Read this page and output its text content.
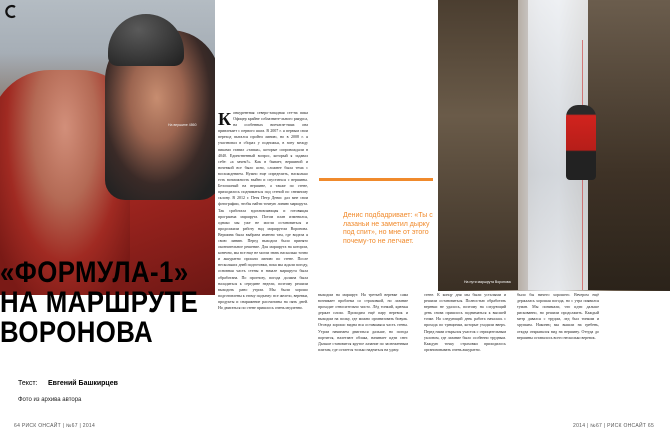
На вершине 4860
«ФОРМУЛА-1»
НА МАРШРУТЕ
ВОРОНОВА
Текст: Евгений Башкирцев
Фото из архива автора
К онкурентная северо-западная сте-на пика Офицер крайне соблазните-льного ракурса, на особенных впечатле-ниях она привлекает с первого шага. В 2007 г. я первым свои переход пытался пройти линию, но в 2008 г. я участвовал в сборах у подножья, в зону между пиками ставил «тапки», которые сопровождали в 4040. Единственный вопрос, который я задавал себе: «а зачем?». Как в бывает, вершиной и ночевкой все было ясно, сложнее была тема с восхождением. Нужно еще определить, насколько есть возможность выйти и спуститься с вершины. Безопасный на вершине, а также по стене, приходилось подниматься под стеной по снежному склону. В 2012 г. Петя Петр Денис дал мне свои фотографии, чтобы найти точную линию маршрута. Так сработала вдохновляющая и готовящая программа маршрута. Потом план изменился, однако мы уже не могли остановиться и продолжили работу над маршрутом Воронова. Вершина была выбрана именно там, где видела я свою линию. Перед выходом было принято окончательное решение. Для маршрута на котором, конечно, мы все еще не могли знать насколько точно и аккуратно прошли линию по стене. После нескольких дней подготовки, пока мы ждали погоду, основная часть стены в начале маршрута была обработана. По прогнозу, погода должна была наладиться к середине недели, поэтому решили выходить рано утром. Мы были хорошо подготовлены к этому подъему: все железо, веревки, продукты и снаряжение рассчитаны на пять дней. Но двигаться по стене пришлось очень медленно.
Денис подбадривает: «Ты с лазаньи не заметил дырку под спит», но мне от этого почему-то не легчает.
На пути маршрута Воронова
выходим на маршрут. На третьей веревке сама возникает проблема со страховкой, но лазание проходит относительно чисто. Лёд тонкий, крючья держат плохо. Проходим ещё пару веревок и выходим на полку, где можно организовать бивуак. Отсюда хорошо видна вся оставшаяся часть стены. Утром начинаем двигаться дальше, но погода портится, налетают облака, начинает идти снег. Дальше становится крутое лазание по заснеженным плитам, где остается только надеяться на удачу.
стене. К концу дня мы были усталыми и решили остановиться. Полностью обработать веревки не удалось, поэтому на следующий день снова пришлось подниматься к высшей точке. На следующий день работа началась с прохода по трещинам, которые уходили вверх. Перед нами открылся участок с отрицательным уклоном, где лазание было особенно трудным. Каждую точку страховки приходилось организовывать очень аккуратно.
было бы ничего хорошего. Вечером ещё держалась хорошая погода, но с утра появился туман. Мы понимали, что идти дальше рискованно, но решили продолжить. Каждый метр давался с трудом, лед был тонким и хрупким. Наконец мы вышли на гребень, откуда открывался вид на вершину. Оттуда до вершины оставалось всего несколько веревок.
64 РИСК ОНСАЙТ | №67 | 2014	2014 | №67 | РИСК ОНСАЙТ 65
